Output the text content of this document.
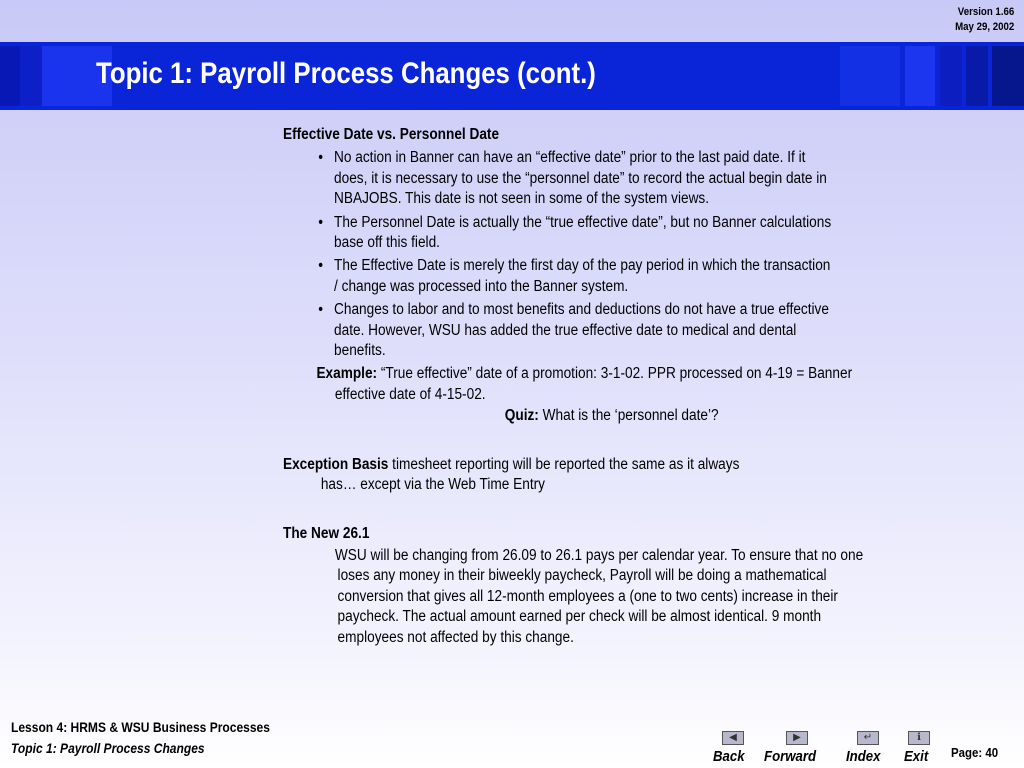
Version 1.66
May 29, 2002
Topic 1: Payroll Process Changes (cont.)

Effective Date vs. Personnel Date

• No action in Banner can have an “effective date” prior to the last paid date. If it does, it is necessary to use the “personnel date” to record the actual begin date in NBAJOBS. This date is not seen in some of the system views.
• The Personnel Date is actually the “true effective date”, but no Banner calculations base off this field.
• The Effective Date is merely the first day of the pay period in which the transaction / change was processed into the Banner system.
• Changes to labor and to most benefits and deductions do not have a true effective date. However, WSU has added the true effective date to medical and dental benefits.

Example: “True effective” date of a promotion: 3-1-02. PPR processed on 4-19 = Banner effective date of 4-15-02.

Quiz: What is the ‘personnel date’?

Exception Basis timesheet reporting will be reported the same as it always
has… except via the Web Time Entry

The New 26.1

WSU will be changing from 26.09 to 26.1 pays per calendar year. To ensure that no one loses any money in their biweekly paycheck, Payroll will be doing a mathematical conversion that gives all 12-month employees a (one to two cents) increase in their paycheck. The actual amount earned per check will be almost identical. 9 month employees not affected by this change.

Lesson 4: HRMS & WSU Business Processes
Topic 1: Payroll Process Changes
◀
Back
▶
Forward
↵
Index
ℹ
Exit Page: 40
